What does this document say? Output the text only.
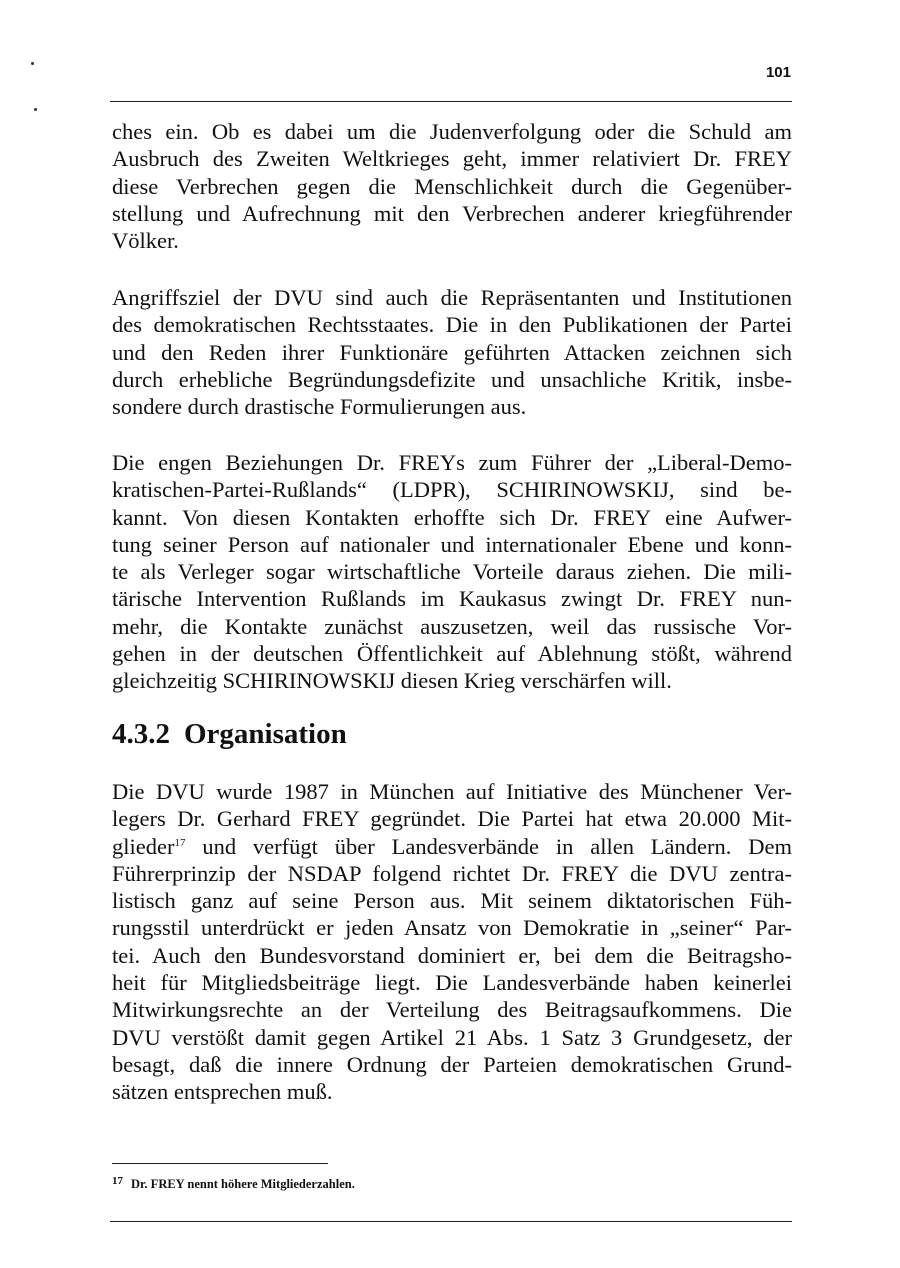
101

ches ein. Ob es dabei um die Judenverfolgung oder die Schuld am
Ausbruch des Zweiten Weltkrieges geht, immer relativiert Dr. FREY
diese Verbrechen gegen die Menschlichkeit durch die Gegenüber-
stellung und Aufrechnung mit den Verbrechen anderer kriegführender
Völker.

Angriffsziel der DVU sind auch die Repräsentanten und Institutionen
des demokratischen Rechtsstaates. Die in den Publikationen der Partei
und den Reden ihrer Funktionäre geführten Attacken zeichnen sich
durch erhebliche Begründungsdefizite und unsachliche Kritik, insbe-
sondere durch drastische Formulierungen aus.

Die engen Beziehungen Dr. FREYs zum Führer der „Liberal-Demo-
kratischen-Partei-Rußlands“ (LDPR), SCHIRINOWSKIJ, sind be-
kannt. Von diesen Kontakten erhoffte sich Dr. FREY eine Aufwer-
tung seiner Person auf nationaler und internationaler Ebene und konn-
te als Verleger sogar wirtschaftliche Vorteile daraus ziehen. Die mili-
tärische Intervention Rußlands im Kaukasus zwingt Dr. FREY nun-
mehr, die Kontakte zunächst auszusetzen, weil das russische Vor-
gehen in der deutschen Öffentlichkeit auf Ablehnung stößt, während
gleichzeitig SCHIRINOWSKIJ diesen Krieg verschärfen will.

4.3.2 Organisation

Die DVU wurde 1987 in München auf Initiative des Münchener Ver-
legers Dr. Gerhard FREY gegründet. Die Partei hat etwa 20.000 Mit-
glieder$^{17}$ und verfügt über Landesverbände in allen Ländern. Dem
Führerprinzip der NSDAP folgend richtet Dr. FREY die DVU zentra-
listisch ganz auf seine Person aus. Mit seinem diktatorischen Füh-
rungsstil unterdrückt er jeden Ansatz von Demokratie in „seiner“ Par-
tei. Auch den Bundesvorstand dominiert er, bei dem die Beitragsho-
heit für Mitgliedsbeiträge liegt. Die Landesverbände haben keinerlei
Mitwirkungsrechte an der Verteilung des Beitragsaufkommens. Die
DVU verstößt damit gegen Artikel 21 Abs. 1 Satz 3 Grundgesetz, der
besagt, daß die innere Ordnung der Parteien demokratischen Grund-
sätzen entsprechen muß.

17 Dr. FREY nennt höhere Mitgliederzahlen.
